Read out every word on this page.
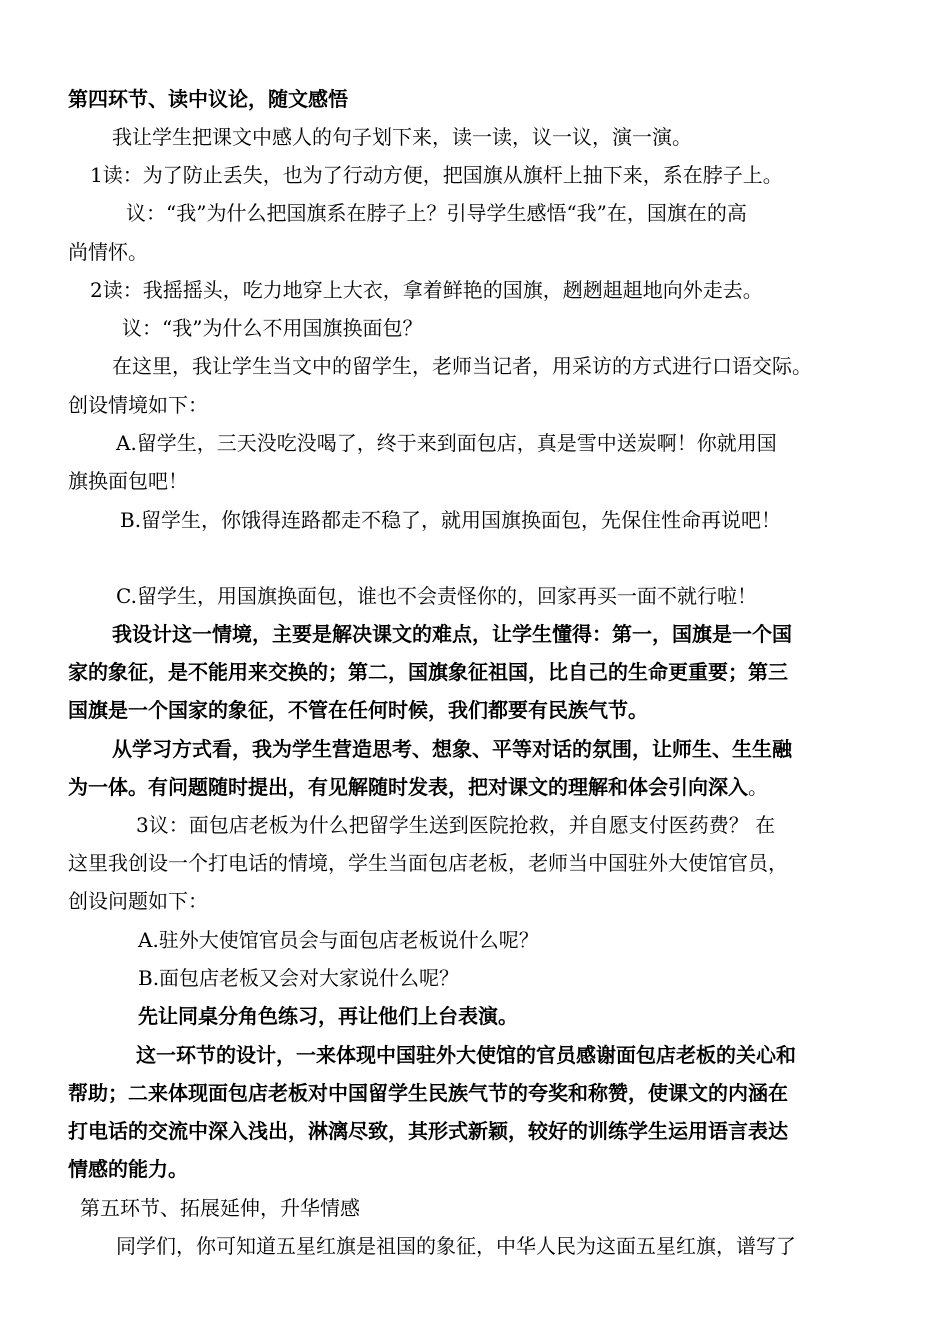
第四环节、读中议论，随文感悟
我让学生把课文中感人的句子划下来，读一读，议一议，演一演。
1读：为了防止丢失，也为了行动方便，把国旗从旗杆上抽下来，系在脖子上。
议：“我”为什么把国旗系在脖子上？引导学生感悟“我”在，国旗在的高
尚情怀。
2读：我摇摇头，吃力地穿上大衣，拿着鲜艳的国旗，趔趔趄趄地向外走去。
议：“我”为什么不用国旗换面包？
在这里，我让学生当文中的留学生，老师当记者，用采访的方式进行口语交际。
创设情境如下：
A.留学生，三天没吃没喝了，终于来到面包店，真是雪中送炭啊！你就用国
旗换面包吧！
B.留学生，你饿得连路都走不稳了，就用国旗换面包，先保住性命再说吧！
C.留学生，用国旗换面包，谁也不会责怪你的，回家再买一面不就行啦！
我设计这一情境，主要是解决课文的难点，让学生懂得：第一，国旗是一个国
家的象征，是不能用来交换的；第二，国旗象征祖国，比自己的生命更重要；第三
国旗是一个国家的象征，不管在任何时候，我们都要有民族气节。
从学习方式看，我为学生营造思考、想象、平等对话的氛围，让师生、生生融
为一体。有问题随时提出，有见解随时发表，把对课文的理解和体会引向深入。
3议：面包店老板为什么把留学生送到医院抢救，并自愿支付医药费？ 在
这里我创设一个打电话的情境，学生当面包店老板，老师当中国驻外大使馆官员，
创设问题如下：
A.驻外大使馆官员会与面包店老板说什么呢？
B.面包店老板又会对大家说什么呢？
先让同桌分角色练习，再让他们上台表演。
这一环节的设计，一来体现中国驻外大使馆的官员感谢面包店老板的关心和
帮助；二来体现面包店老板对中国留学生民族气节的夸奖和称赞，使课文的内涵在
打电话的交流中深入浅出，淋漓尽致，其形式新颖，较好的训练学生运用语言表达
情感的能力。
第五环节、拓展延伸，升华情感
同学们，你可知道五星红旗是祖国的象征，中华人民为这面五星红旗，谱写了
